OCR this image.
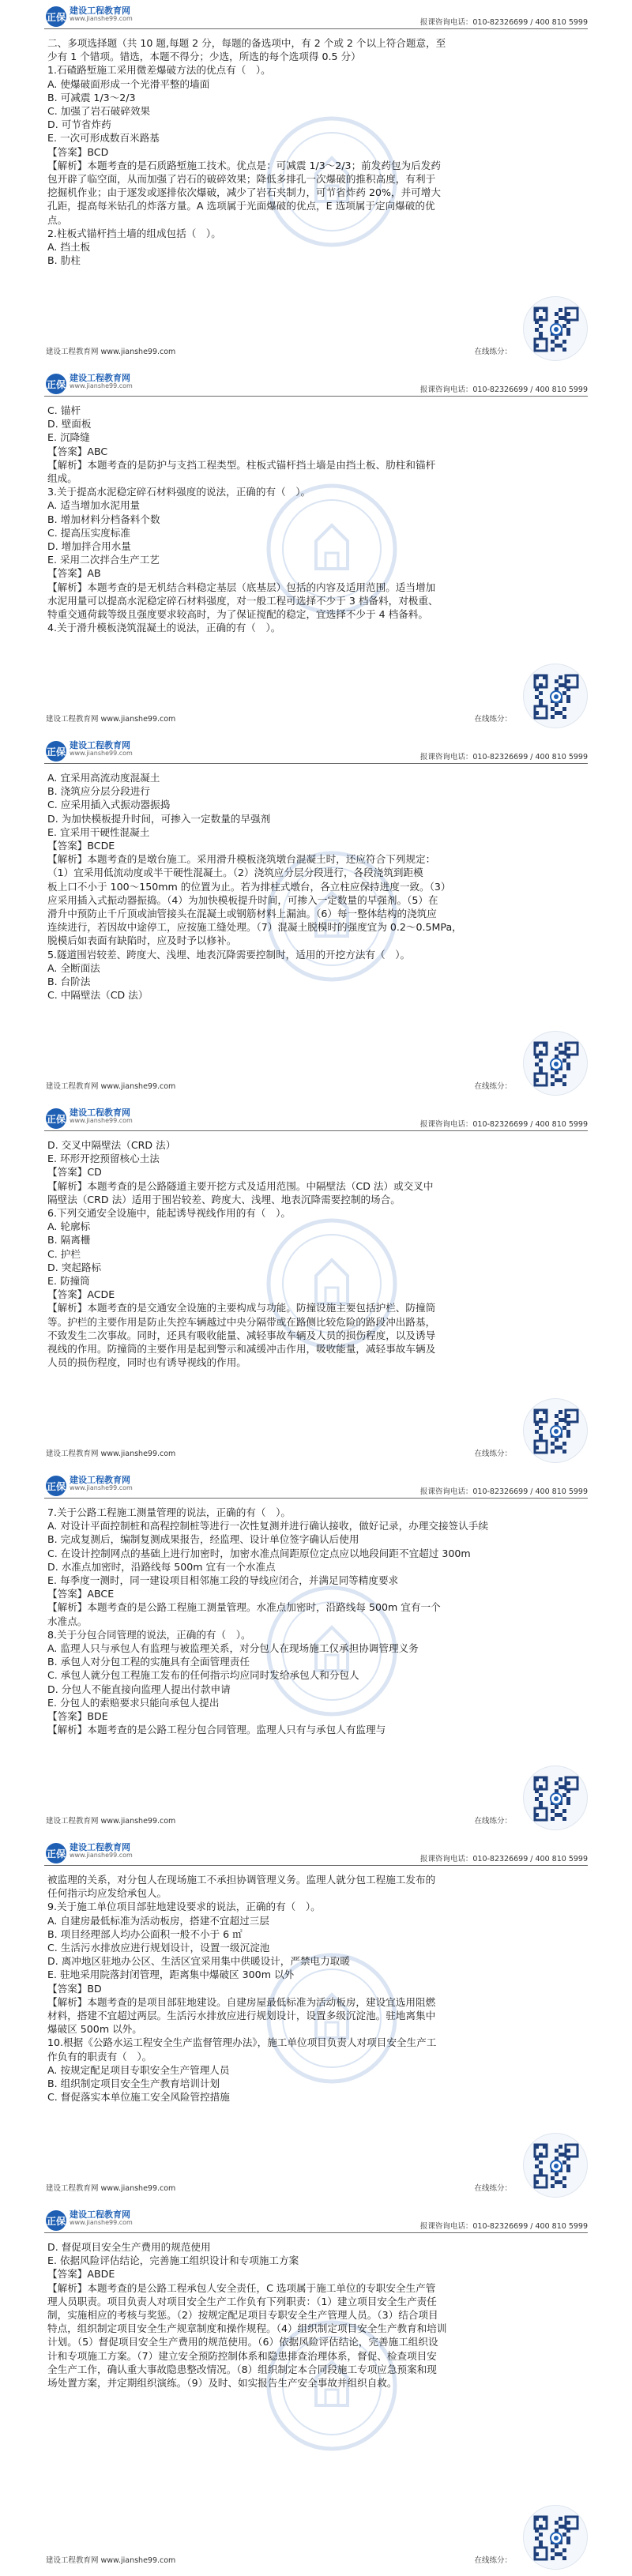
正保
建设工程教育网
www.jianshe99.com	报课咨询电话：010-82326699 / 400 810 5999

二、多项选择题（共 10 题,每题 2 分，每题的备选项中，有 2 个或 2 个以上符合题意，至

少有 1 个错项。错选，本题不得分；少选，所选的每个选项得 0.5 分）

1.石碴路堑施工采用微差爆破方法的优点有（　）。

A. 使爆破面形成一个光滑平整的墙面

B. 可减震 1/3～2/3

C. 加强了岩石破碎效果

D. 可节省炸药

E. 一次可形成数百米路基

【答案】BCD

【解析】本题考查的是石质路堑施工技术。优点是：可减震 1/3～2/3；前发药包为后发药

包开辟了临空面，从而加强了岩石的破碎效果；降低多排孔一次爆破的推积高度，有利于

挖掘机作业；由于逐发或逐排依次爆破，减少了岩石夹制力，可节省炸药 20%，并可增大

孔距，提高每米钻孔的炸落方量。A 选项属于光面爆破的优点，E 选项属于定向爆破的优

点。

2.柱板式锚杆挡土墙的组成包括（　）。

A. 挡土板

B. 肋柱

建设工程教育网 www.jianshe99.com	在线练分：
正保
建设工程教育网
www.jianshe99.com	报课咨询电话：010-82326699 / 400 810 5999

C. 锚杆

D. 壁面板

E. 沉降缝

【答案】ABC

【解析】本题考查的是防护与支挡工程类型。柱板式锚杆挡土墙是由挡土板、肋柱和锚杆

组成。

3.关于提高水泥稳定碎石材料强度的说法，正确的有（　）。

A. 适当增加水泥用量

B. 增加材料分档备料个数

C. 提高压实度标准

D. 增加拌合用水量

E. 采用二次拌合生产工艺

【答案】AB

【解析】本题考查的是无机结合料稳定基层（底基层）包括的内容及适用范围。适当增加

水泥用量可以提高水泥稳定碎石材料强度，对一般工程可选择不少于 3 档备料，对极重、

特重交通荷载等级且强度要求较高时，为了保证搅配的稳定，宜选择不少于 4 档备料。

4.关于滑升模板浇筑混凝土的说法，正确的有（　）。

建设工程教育网 www.jianshe99.com	在线练分：
正保
建设工程教育网
www.jianshe99.com	报课咨询电话：010-82326699 / 400 810 5999

A. 宜采用高流动度混凝土

B. 浇筑应分层分段进行

C. 应采用插入式振动器振捣

D. 为加快模板提升时间，可掺入一定数量的早强剂

E. 宜采用干硬性混凝土

【答案】BCDE

【解析】本题考查的是墩台施工。采用滑升模板浇筑墩台混凝土时，还应符合下列规定：

（1）宜采用低流动度或半干硬性混凝土。（2）浇筑应分层分段进行，各段浇筑到距模

板上口不小于 100～150mm 的位置为止。若为排柱式墩台，各立柱应保持进度一致。（3）

应采用插入式振动器振捣。（4）为加快模板提升时间，可掺入一定数量的早强剂。（5）在

滑升中预防止千斤顶或油管接头在混凝土或钢筋材料上漏油。（6）每一整体结构的浇筑应

连续进行，若因故中途停工，应按施工缝处理。（7）混凝土脱模时的强度宜为 0.2～0.5MPa，

脱模后如表面有缺陷时，应及时予以修补。

5.隧道围岩较差、跨度大、浅埋、地表沉降需要控制时，适用的开挖方法有（　）。

A. 全断面法

B. 台阶法

C. 中隔壁法（CD 法）

建设工程教育网 www.jianshe99.com	在线练分：
正保
建设工程教育网
www.jianshe99.com	报课咨询电话：010-82326699 / 400 810 5999

D. 交叉中隔壁法（CRD 法）

E. 环形开挖预留核心土法

【答案】CD

【解析】本题考查的是公路隧道主要开挖方式及适用范围。中隔壁法（CD 法）或交叉中

隔壁法（CRD 法）适用于围岩较差、跨度大、浅埋、地表沉降需要控制的场合。

6.下列交通安全设施中，能起诱导视线作用的有（　）。

A. 轮廓标

B. 隔离栅

C. 护栏

D. 突起路标

E. 防撞筒

【答案】ACDE

【解析】本题考查的是交通安全设施的主要构成与功能。防撞设施主要包括护栏、防撞筒

等。护栏的主要作用是防止失控车辆越过中央分隔带或在路侧比较危险的路段冲出路基，

不致发生二次事故。同时，还具有吸收能量、减轻事故车辆及人员的损伤程度，以及诱导

视线的作用。防撞筒的主要作用是起到警示和减缓冲击作用，吸收能量，减轻事故车辆及

人员的损伤程度，同时也有诱导视线的作用。

建设工程教育网 www.jianshe99.com	在线练分：
正保
建设工程教育网
www.jianshe99.com	报课咨询电话：010-82326699 / 400 810 5999

7.关于公路工程施工测量管理的说法，正确的有（　）。

A. 对设计平面控制桩和高程控制桩等进行一次性复测并进行确认接收，做好记录，办理交接签认手续

B. 完成复测后，编制复测成果报告，经监理、设计单位签字确认后使用

C. 在设计控制网点的基础上进行加密时，加密水准点间距原位定点应以地段间距不宜超过 300m

D. 水准点加密时，沿路线每 500m 宜有一个水准点

E. 每季度一测时，同一建设项目相邻施工段的导线应闭合，并满足同等精度要求

【答案】ABCE

【解析】本题考查的是公路工程施工测量管理。水准点加密时，沿路线每 500m 宜有一个

水准点。

8.关于分包合同管理的说法，正确的有（　）。

A. 监理人只与承包人有监理与被监理关系，对分包人在现场施工仅承担协调管理义务

B. 承包人对分包工程的实施具有全面管理责任

C. 承包人就分包工程施工发布的任何指示均应同时发给承包人和分包人

D. 分包人不能直接向监理人提出付款申请

E. 分包人的索赔要求只能向承包人提出

【答案】BDE

【解析】本题考查的是公路工程分包合同管理。监理人只有与承包人有监理与

建设工程教育网 www.jianshe99.com	在线练分：
正保
建设工程教育网
www.jianshe99.com	报课咨询电话：010-82326699 / 400 810 5999

被监理的关系，对分包人在现场施工不承担协调管理义务。监理人就分包工程施工发布的

任何指示均应发给承包人。

9.关于施工单位项目部驻地建设要求的说法，正确的有（　）。

A. 自建房最低标准为活动板房，搭建不宜超过三层

B. 项目经理部人均办公面积一般不小于 6 ㎡

C. 生活污水排放应进行规划设计，设置一级沉淀池

D. 离冲地区驻地办公区、生活区宜采用集中供暖设计，严禁电力取暖

E. 驻地采用院落封闭管理，距离集中爆破区 300m 以外

【答案】BD

【解析】本题考查的是项目部驻地建设。自建房屋最低标准为活动板房，建设宜选用阻燃

材料，搭建不宜超过两层。生活污水排放应进行规划设计，设置多级沉淀池。驻地离集中

爆破区 500m 以外。

10.根据《公路水运工程安全生产监督管理办法》，施工单位项目负责人对项目安全生产工

作负有的职责有（　）。

A. 按规定配足项目专职安全生产管理人员

B. 组织制定项目安全生产教育培训计划

C. 督促落实本单位施工安全风险管控措施

建设工程教育网 www.jianshe99.com	在线练分：
正保
建设工程教育网
www.jianshe99.com	报课咨询电话：010-82326699 / 400 810 5999

D. 督促项目安全生产费用的规范使用

E. 依据风险评估结论，完善施工组织设计和专项施工方案

【答案】ABDE

【解析】本题考查的是公路工程承包人安全责任，C 选项属于施工单位的专职安全生产管

理人员职责。项目负责人对项目安全生产工作负有下列职责：（1）建立项目安全生产责任

制，实施相应的考核与奖惩。（2）按规定配足项目专职安全生产管理人员。（3）结合项目

特点，组织制定项目安全生产规章制度和操作规程。（4）组织制定项目安全生产教育和培训

计划。（5）督促项目安全生产费用的规范使用。（6）依据风险评估结论，完善施工组织设

计和专项施工方案。（7）建立安全预防控制体系和隐患排查治理体系，督促、检查项目安

全生产工作，确认重大事故隐患整改情况。（8）组织制定本合同段施工专项应急预案和现

场处置方案，并定期组织演练。（9）及时、如实报告生产安全事故并组织自救。

建设工程教育网 www.jianshe99.com	在线练分：
